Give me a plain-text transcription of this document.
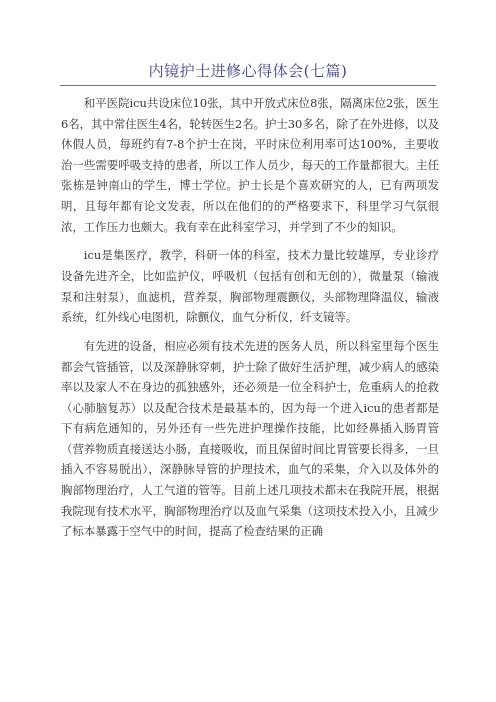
内镜护士进修心得体会(七篇)

和平医院icu共设床位10张，其中开放式床位8张，隔离床位2张，医生6名，其中常住医生4名，轮转医生2名。护士30多名，除了在外进修，以及休假人员，每班约有7-8个护士在岗，平时床位利用率可达100%，主要收治一些需要呼吸支持的患者，所以工作人员少，每天的工作量都很大。主任张栋是钟南山的学生，博士学位。护士长是个喜欢研究的人，已有两项发明，且每年都有论文发表，所以在他们的的严格要求下，科里学习气氛很浓，工作压力也颇大。我有幸在此科室学习，并学到了不少的知识。

icu是集医疗，教学，科研一体的科室，技术力量比较雄厚，专业诊疗设备先进齐全，比如监护仪，呼吸机（包括有创和无创的），微量泵（输液泵和注射泵），血滤机，营养泵，胸部物理震颤仪，头部物理降温仪，输液系统，红外线心电图机，除颤仪，血气分析仪，纤支镜等。

有先进的设备，相应必须有技术先进的医务人员，所以科室里每个医生都会气管插管，以及深静脉穿刺，护士除了做好生活护理，减少病人的感染率以及家人不在身边的孤独感外，还必须是一位全科护士，危重病人的抢救（心肺脑复苏）以及配合技术是最基本的，因为每一个进入icu的患者都是下有病危通知的，另外还有一些先进护理操作技能，比如经鼻插入肠胃管（营养物质直接送达小肠，直接吸收，而且保留时间比胃管要长得多，一旦插入不容易脱出），深静脉导管的护理技术，血气的采集，介入以及体外的胸部物理治疗，人工气道的管等。目前上述几项技术都未在我院开展，根据我院现有技术水平，胸部物理治疗以及血气采集（这项技术投入小，且减少了标本暴露于空气中的时间，提高了检查结果的正确
